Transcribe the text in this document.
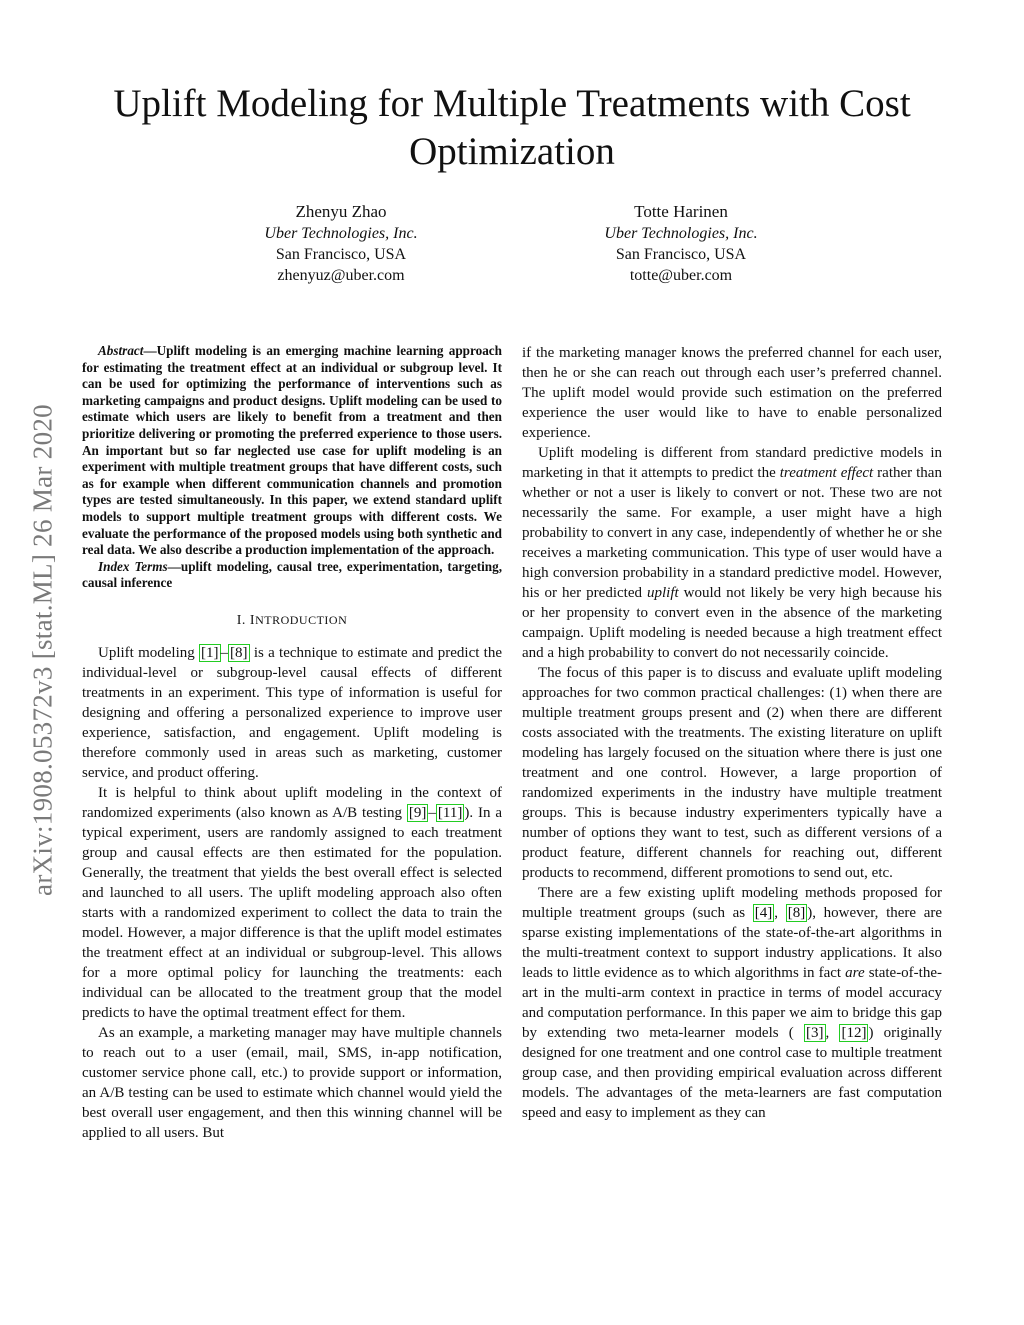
arXiv:1908.05372v3 [stat.ML] 26 Mar 2020
Uplift Modeling for Multiple Treatments with Cost Optimization
Zhenyu Zhao
Uber Technologies, Inc.
San Francisco, USA
zhenyuz@uber.com
Totte Harinen
Uber Technologies, Inc.
San Francisco, USA
totte@uber.com

Abstract—Uplift modeling is an emerging machine learning approach for estimating the treatment effect at an individual or subgroup level. It can be used for optimizing the performance of interventions such as marketing campaigns and product designs. Uplift modeling can be used to estimate which users are likely to benefit from a treatment and then prioritize delivering or promoting the preferred experience to those users. An important but so far neglected use case for uplift modeling is an experiment with multiple treatment groups that have different costs, such as for example when different communication channels and promotion types are tested simultaneously. In this paper, we extend standard uplift models to support multiple treatment groups with different costs. We evaluate the performance of the proposed models using both synthetic and real data. We also describe a production implementation of the approach.

Index Terms—uplift modeling, causal tree, experimentation, targeting, causal inference

I. INTRODUCTION

Uplift modeling [1] – [8] is a technique to estimate and predict the individual-level or subgroup-level causal effects of different treatments in an experiment. This type of information is useful for designing and offering a personalized experience to improve user experience, satisfaction, and engagement. Uplift modeling is therefore commonly used in areas such as marketing, customer service, and product offering.

It is helpful to think about uplift modeling in the context of randomized experiments (also known as A/B testing [9] – [11] ). In a typical experiment, users are randomly assigned to each treatment group and causal effects are then estimated for the population. Generally, the treatment that yields the best overall effect is selected and launched to all users. The uplift modeling approach also often starts with a randomized experiment to collect the data to train the model. However, a major difference is that the uplift model estimates the treatment effect at an individual or subgroup-level. This allows for a more optimal policy for launching the treatments: each individual can be allocated to the treatment group that the model predicts to have the optimal treatment effect for them.

As an example, a marketing manager may have multiple channels to reach out to a user (email, mail, SMS, in-app notification, customer service phone call, etc.) to provide support or information, an A/B testing can be used to estimate which channel would yield the best overall user engagement, and then this winning channel will be applied to all users. But

if the marketing manager knows the preferred channel for each user, then he or she can reach out through each user’s preferred channel. The uplift model would provide such estimation on the preferred experience the user would like to have to enable personalized experience.

Uplift modeling is different from standard predictive models in marketing in that it attempts to predict the treatment effect rather than whether or not a user is likely to convert or not. These two are not necessarily the same. For example, a user might have a high probability to convert in any case, independently of whether he or she receives a marketing communication. This type of user would have a high conversion probability in a standard predictive model. However, his or her predicted uplift would not likely be very high because his or her propensity to convert even in the absence of the marketing campaign. Uplift modeling is needed because a high treatment effect and a high probability to convert do not necessarily coincide.

The focus of this paper is to discuss and evaluate uplift modeling approaches for two common practical challenges: (1) when there are multiple treatment groups present and (2) when there are different costs associated with the treatments. The existing literature on uplift modeling has largely focused on the situation where there is just one treatment and one control. However, a large proportion of randomized experiments in the industry have multiple treatment groups. This is because industry experimenters typically have a number of options they want to test, such as different versions of a product feature, different channels for reaching out, different products to recommend, different promotions to send out, etc.

There are a few existing uplift modeling methods proposed for multiple treatment groups (such as [4] , [8] ), however, there are sparse existing implementations of the state-of-the-art algorithms in the multi-treatment context to support industry applications. It also leads to little evidence as to which algorithms in fact are state-of-the-art in the multi-arm context in practice in terms of model accuracy and computation performance. In this paper we aim to bridge this gap by extending two meta-learner models ( [3] , [12] ) originally designed for one treatment and one control case to multiple treatment group case, and then providing empirical evaluation across different models. The advantages of the meta-learners are fast computation speed and easy to implement as they can
